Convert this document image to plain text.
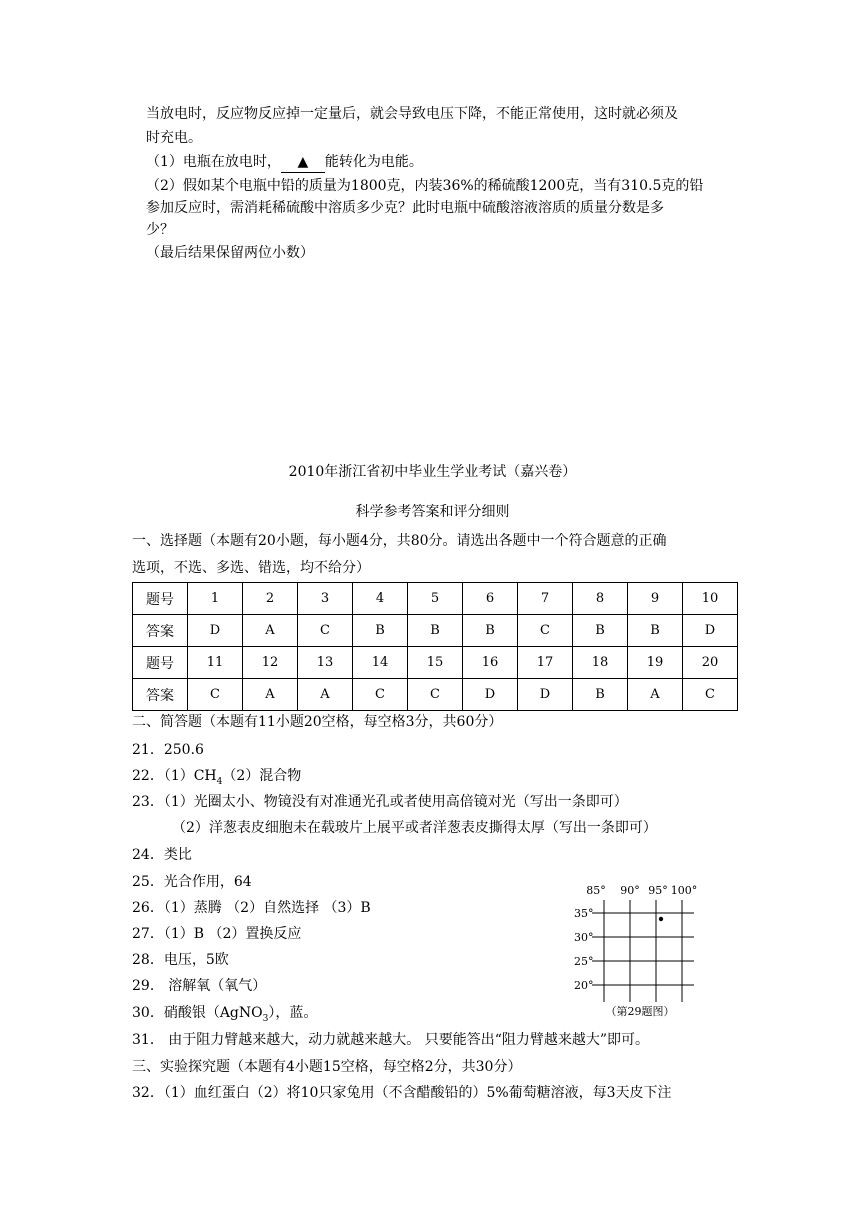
当放电时，反应物反应掉一定量后，就会导致电压下降，不能正常使用，这时就必须及
时充电。
（1）电瓶在放电时， ▲ 能转化为电能。
（2）假如某个电瓶中铅的质量为1800克，内装36%的稀硫酸1200克，当有310.5克的铅
参加反应时，需消耗稀硫酸中溶质多少克？此时电瓶中硫酸溶液溶质的质量分数是多
少？
（最后结果保留两位小数）
2010年浙江省初中毕业生学业考试（嘉兴卷）
科学参考答案和评分细则
一、选择题（本题有20小题，每小题4分，共80分。请选出各题中一个符合题意的正确
选项，不选、多选、错选，均不给分）
题号	1	2	3	4	5	6	7	8	9	10
答案	D	A	C	B	B	B	C	B	B	D
题号	11	12	13	14	15	16	17	18	19	20
答案	C	A	A	C	C	D	D	B	A	C
二、简答题（本题有11小题20空格，每空格3分，共60分）
21．250.6
22．$(1)CH_4(2)$混合物
23．（1）光圈太小、物镜没有对准通光孔或者使用高倍镜对光（写出一条即可）
（2）洋葱表皮细胞未在载玻片上展平或者洋葱表皮撕得太厚（写出一条即可）
24．类比
25．光合作用，64
26．（1）蒸腾 （2）自然选择 （3）B
27．（1）B （2）置换反应
28．电压，5欧
29． 溶解氧（氧气）
30．硝酸银（AgNO$_3$），蓝。
31． 由于阻力臂越来越大，动力就越来越大。 只要能答出“阻力臂越来越大”即可。
三、实验探究题（本题有4小题15空格，每空格2分，共30分）
32．（1）血红蛋白（2）将10只家兔用（不含醋酸铅的）5%葡萄糖溶液，每3天皮下注
85° 90° 95° 100°
35°
30°
25°
20°
（第29题图）
